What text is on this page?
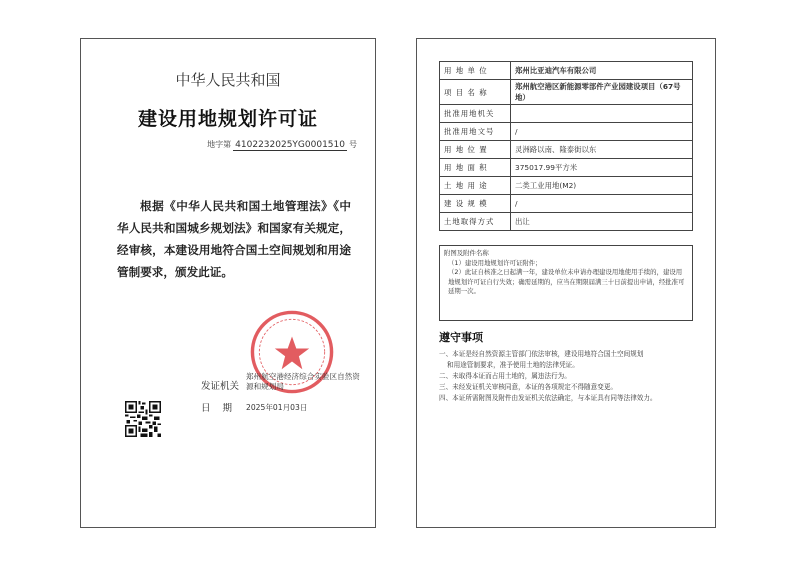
中华人民共和国
建设用地规划许可证
地字第 4102232025YG0001510 号
根据《中华人民共和国土地管理法》《中华人民共和国城乡规划法》和国家有关规定，经审核，本建设用地符合国土空间规划和用途管制要求，颁发此证。
发证机关
郑州航空港经济综合实验区自然资源和规划局
日期 2025年01月03日
用 地 单 位	郑州比亚迪汽车有限公司
项 目 名 称	郑州航空港区新能源零部件产业园建设项目（67号地）
批准用地机关	
批准用地文号	/
用 地 位 置	灵洲路以南、隆泰街以东
用 地 面 积	375017.99平方米
土 地 用 途	二类工业用地(M2)
建 设 规 模	/
土地取得方式	出让
附图及附件名称
（1）建设用地规划许可证附件；
（2）此证自核准之日起满一年，建设单位未申请办理建设用地使用手续的，建设用地规划许可证自行失效；确需延期的，应当在期限届满三十日前提出申请，经批准可延期一次。
遵守事项
一、本证是经自然资源主管部门依法审核，建设用地符合国土空间规划
和用途管制要求，准予使用土地的法律凭证。
二、未取得本证而占用土地的，属违法行为。
三、未经发证机关审核同意，本证的各项规定不得随意变更。
四、本证所需附图及附件由发证机关依法确定，与本证具有同等法律效力。
